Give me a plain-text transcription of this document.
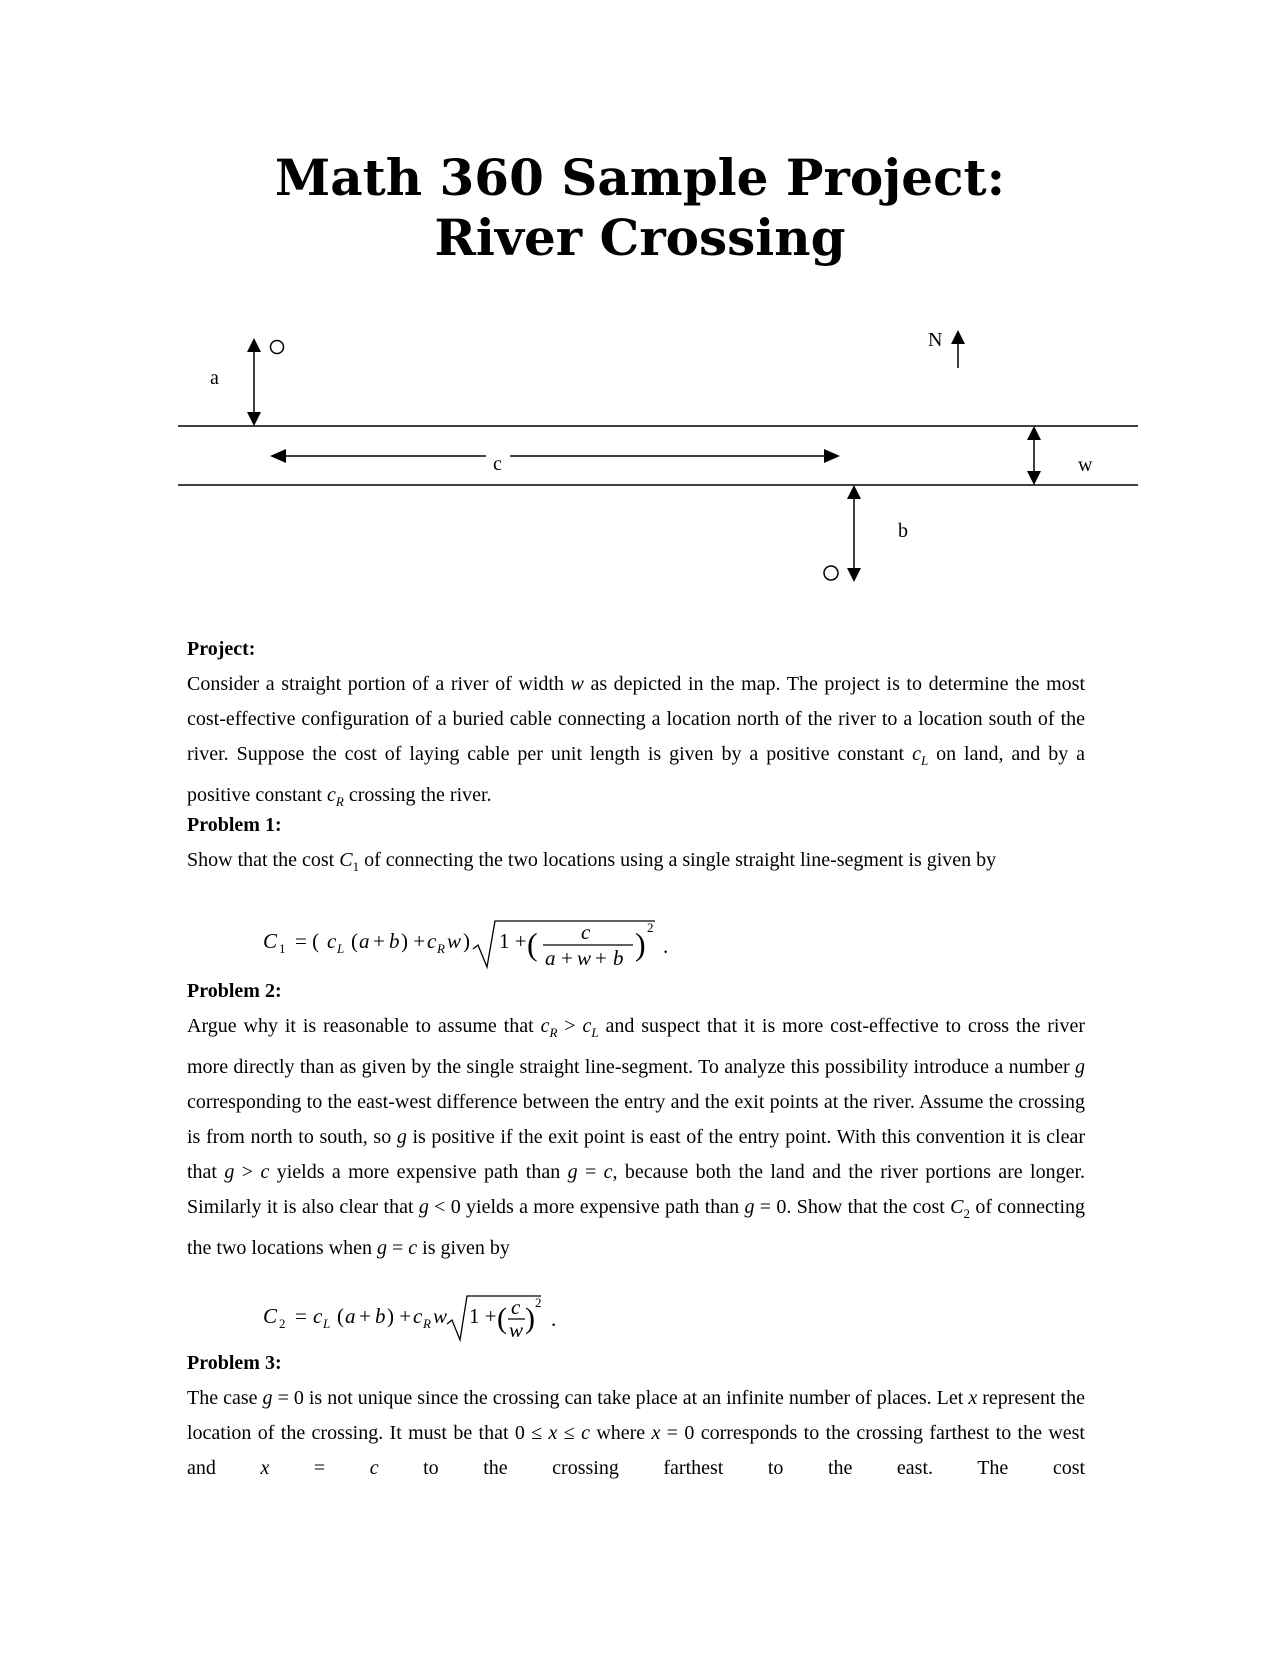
Math 360 Sample Project:
River Crossing
a
c	w
N
b
Project:
Consider a straight portion of a river of width w as depicted in the map. The project is to determine the most cost-effective configuration of a buried cable connecting a location north of the river to a location south of the river. Suppose the cost of laying cable per unit length is given by a positive constant $c_L$ on land, and by a positive constant $c_R$ crossing the river.
Problem 1:
Show that the cost $C_1$ of connecting the two locations using a single straight line-segment is given by
C 1 = ( c L ( a + b ) + c R w ) 1 + ( c
a + w + b ) 2
.
Problem 2:
Argue why it is reasonable to assume that $c_R > c_L$ and suspect that it is more cost-effective to cross the river more directly than as given by the single straight line-segment. To analyze this possibility introduce a number g corresponding to the east-west difference between the entry and the exit points at the river. Assume the crossing is from north to south, so g is positive if the exit point is east of the entry point. With this convention it is clear that g > c yields a more expensive path than g = c, because both the land and the river portions are longer. Similarly it is also clear that g < 0 yields a more expensive path than g = 0. Show that the cost $C_2$ of connecting the two locations when g = c is given by
C 2 = c L ( a + b ) + c R w 1 + ( c
w ) 2
.
Problem 3:
The case g = 0 is not unique since the crossing can take place at an infinite number of places. Let x represent the location of the crossing. It must be that 0 ≤ x ≤ c where x = 0 corresponds to the crossing farthest to the west and x = c to the crossing farthest to the east. The cost
